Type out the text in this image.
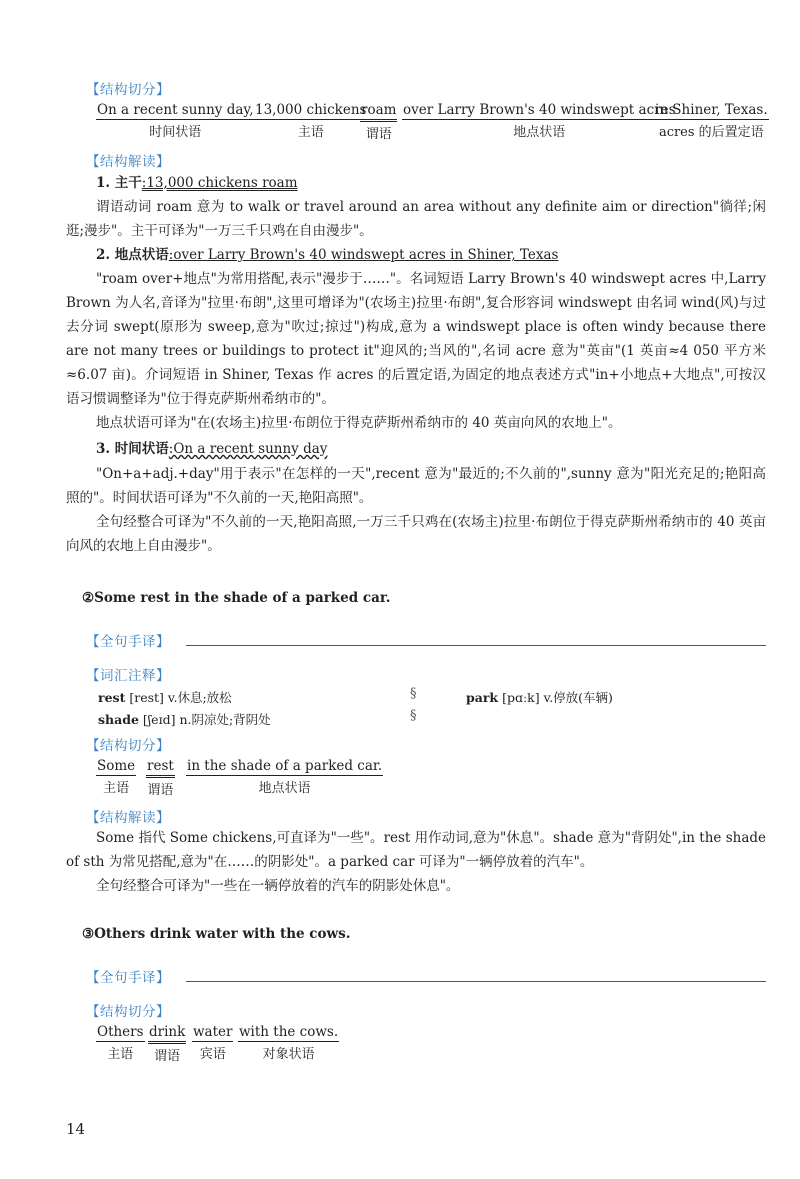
【结构切分】
On a recent sunny day,
时间状语
13,000 chickens
主语
roam
谓语
over Larry Brown's 40 windswept acres
地点状语
in Shiner, Texas.
acres 的后置定语
【结构解读】
1. 主干:13,000 chickens roam

谓语动词 roam 意为 to walk or travel around an area without any definite aim or direction"徜徉;闲逛;漫步"。主干可译为"一万三千只鸡在自由漫步"。

2. 地点状语:over Larry Brown's 40 windswept acres in Shiner, Texas

"roam over+地点"为常用搭配,表示"漫步于……"。名词短语 Larry Brown's 40 windswept acres 中,Larry Brown 为人名,音译为"拉里·布朗",这里可增译为"(农场主)拉里·布朗",复合形容词 windswept 由名词 wind(风)与过去分词 swept(原形为 sweep,意为"吹过;掠过")构成,意为 a windswept place is often windy because there are not many trees or buildings to protect it"迎风的;当风的",名词 acre 意为"英亩"(1 英亩≈4 050 平方米≈6.07 亩)。介词短语 in Shiner, Texas 作 acres 的后置定语,为固定的地点表述方式"in+小地点+大地点",可按汉语习惯调整译为"位于得克萨斯州希纳市的"。

地点状语可译为"在(农场主)拉里·布朗位于得克萨斯州希纳市的 40 英亩向风的农地上"。

3. 时间状语:On a recent sunny day

"On+a+adj.+day"用于表示"在怎样的一天",recent 意为"最近的;不久前的",sunny 意为"阳光充足的;艳阳高照的"。时间状语可译为"不久前的一天,艳阳高照"。

全句经整合可译为"不久前的一天,艳阳高照,一万三千只鸡在(农场主)拉里·布朗位于得克萨斯州希纳市的 40 英亩向风的农地上自由漫步"。

②Some rest in the shade of a parked car.
【全句手译】
【词汇注释】
rest [rest] v.休息;放松
shade [ʃeɪd] n.阴凉处;背阴处
§
§
park [pɑːk] v.停放(车辆)
【结构切分】
Some
主语
rest
谓语
in the shade of a parked car.
地点状语
【结构解读】

Some 指代 Some chickens,可直译为"一些"。rest 用作动词,意为"休息"。shade 意为"背阴处",in the shade of sth 为常见搭配,意为"在……的阴影处"。a parked car 可译为"一辆停放着的汽车"。

全句经整合可译为"一些在一辆停放着的汽车的阴影处休息"。

③Others drink water with the cows.
【全句手译】
【结构切分】
Others
主语
drink
谓语
water
宾语
with the cows.
对象状语
14
